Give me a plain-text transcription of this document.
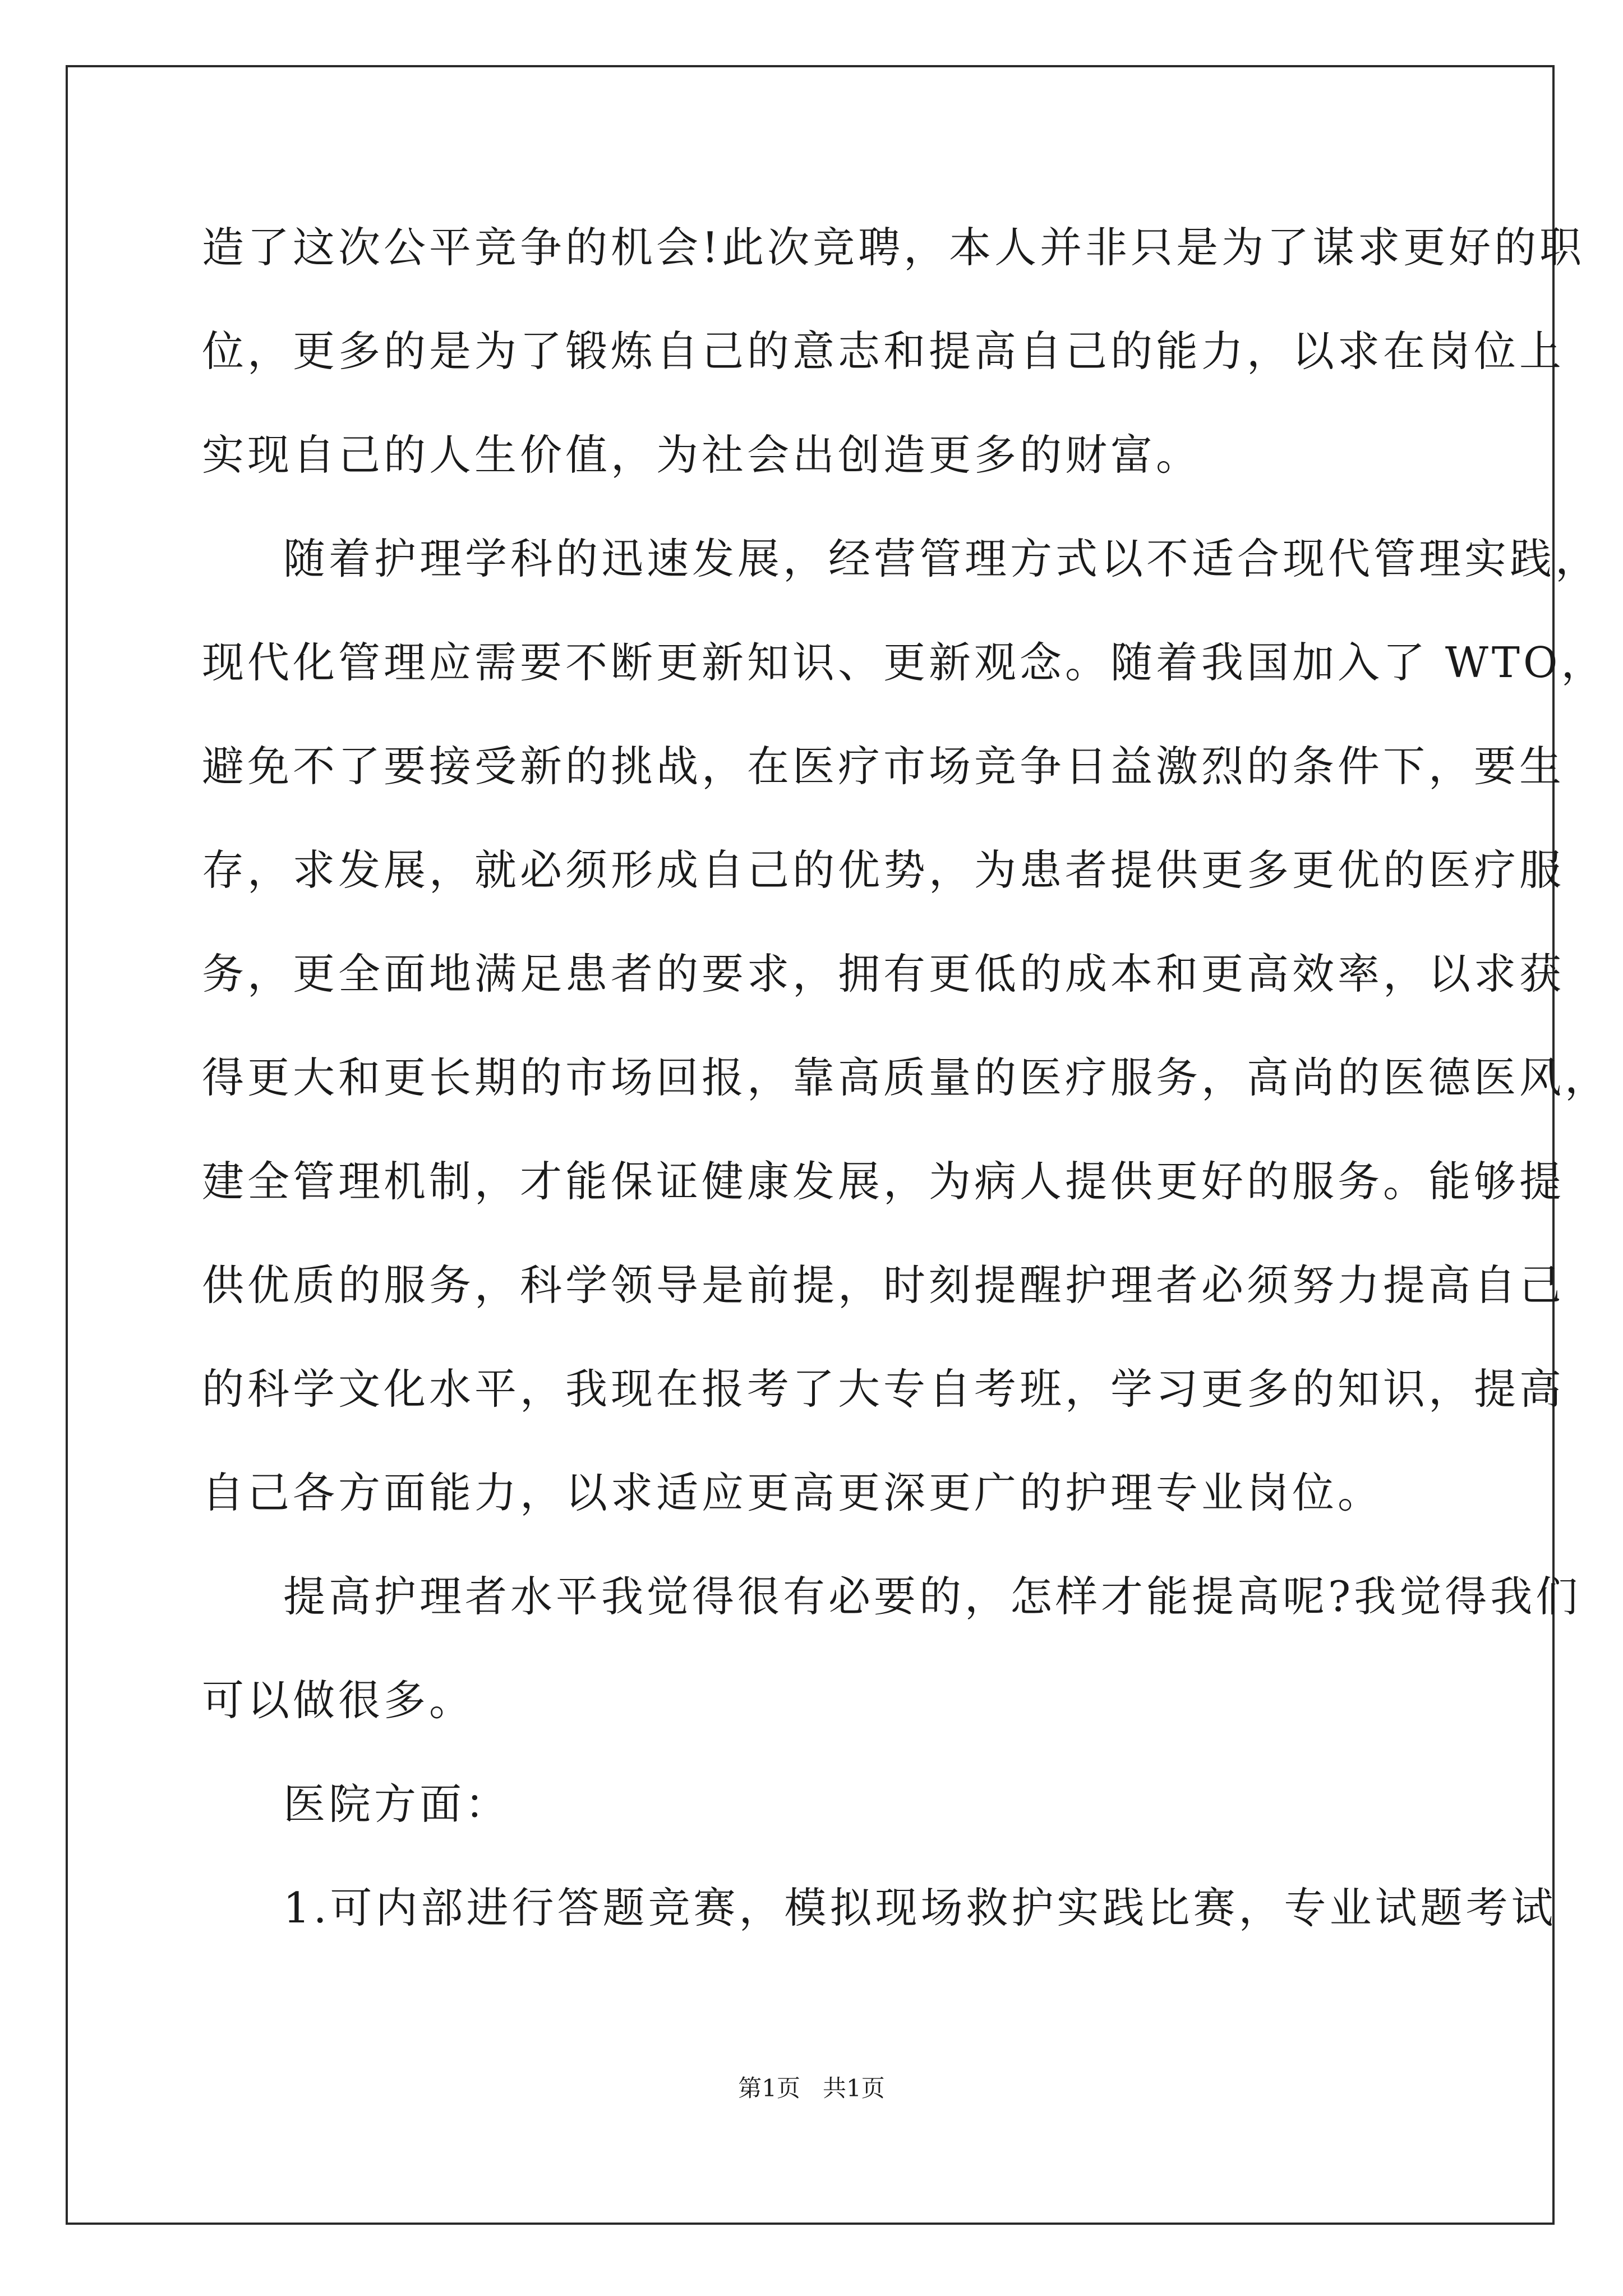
造了这次公平竞争的机会!此次竞聘，本人并非只是为了谋求更好的职
位，更多的是为了锻炼自己的意志和提高自己的能力，以求在岗位上
实现自己的人生价值，为社会出创造更多的财富。
随着护理学科的迅速发展，经营管理方式以不适合现代管理实践，
现代化管理应需要不断更新知识、更新观念。随着我国加入了 WTO，
避免不了要接受新的挑战，在医疗市场竞争日益激烈的条件下，要生
存，求发展，就必须形成自己的优势，为患者提供更多更优的医疗服
务，更全面地满足患者的要求，拥有更低的成本和更高效率，以求获
得更大和更长期的市场回报，靠高质量的医疗服务，高尚的医德医风，
建全管理机制，才能保证健康发展，为病人提供更好的服务。能够提
供优质的服务，科学领导是前提，时刻提醒护理者必须努力提高自己
的科学文化水平，我现在报考了大专自考班，学习更多的知识，提高
自己各方面能力，以求适应更高更深更广的护理专业岗位。
提高护理者水平我觉得很有必要的，怎样才能提高呢?我觉得我们
可以做很多。
医院方面：
1.可内部进行答题竞赛，模拟现场救护实践比赛，专业试题考试
第1页   共1页
